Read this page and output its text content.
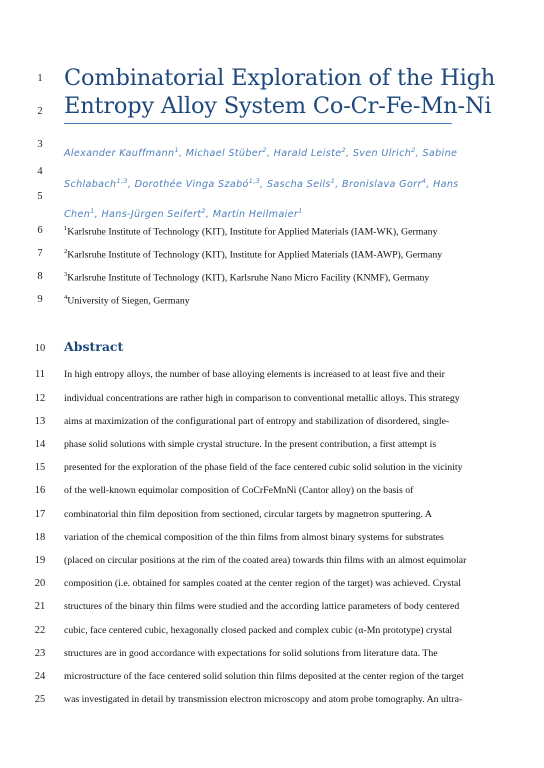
1
2
3
4
5
6
7
8
9
10
11
12
13
14
15
16
17
18
19
20
21
22
23
24
25
Combinatorial Exploration of the High
Entropy Alloy System Co-Cr-Fe-Mn-Ni
Alexander Kauffmann$^1$, Michael Stüber$^2$, Harald Leiste$^2$, Sven Ulrich$^2$, Sabine Schlabach$^{1,3}$, Dorothée Vinga Szabó$^{1,3}$, Sascha Seils$^1$, Bronislava Gorr$^4$, Hans Chen$^1$, Hans-Jürgen Seifert$^2$, Martin Heilmaier$^1$
$^1$Karlsruhe Institute of Technology (KIT), Institute for Applied Materials (IAM-WK), Germany
$^2$Karlsruhe Institute of Technology (KIT), Institute for Applied Materials (IAM-AWP), Germany
$^3$Karlsruhe Institute of Technology (KIT), Karlsruhe Nano Micro Facility (KNMF), Germany
$^4$University of Siegen, Germany
Abstract
In high entropy alloys, the number of base alloying elements is increased to at least five and their
individual concentrations are rather high in comparison to conventional metallic alloys. This strategy
aims at maximization of the configurational part of entropy and stabilization of disordered, single-
phase solid solutions with simple crystal structure. In the present contribution, a first attempt is
presented for the exploration of the phase field of the face centered cubic solid solution in the vicinity
of the well-known equimolar composition of CoCrFeMnNi (Cantor alloy) on the basis of
combinatorial thin film deposition from sectioned, circular targets by magnetron sputtering. A
variation of the chemical composition of the thin films from almost binary systems for substrates
(placed on circular positions at the rim of the coated area) towards thin films with an almost equimolar
composition (i.e. obtained for samples coated at the center region of the target) was achieved. Crystal
structures of the binary thin films were studied and the according lattice parameters of body centered
cubic, face centered cubic, hexagonally closed packed and complex cubic (α-Mn prototype) crystal
structures are in good accordance with expectations for solid solutions from literature data. The
microstructure of the face centered solid solution thin films deposited at the center region of the target
was investigated in detail by transmission electron microscopy and atom probe tomography. An ultra-
